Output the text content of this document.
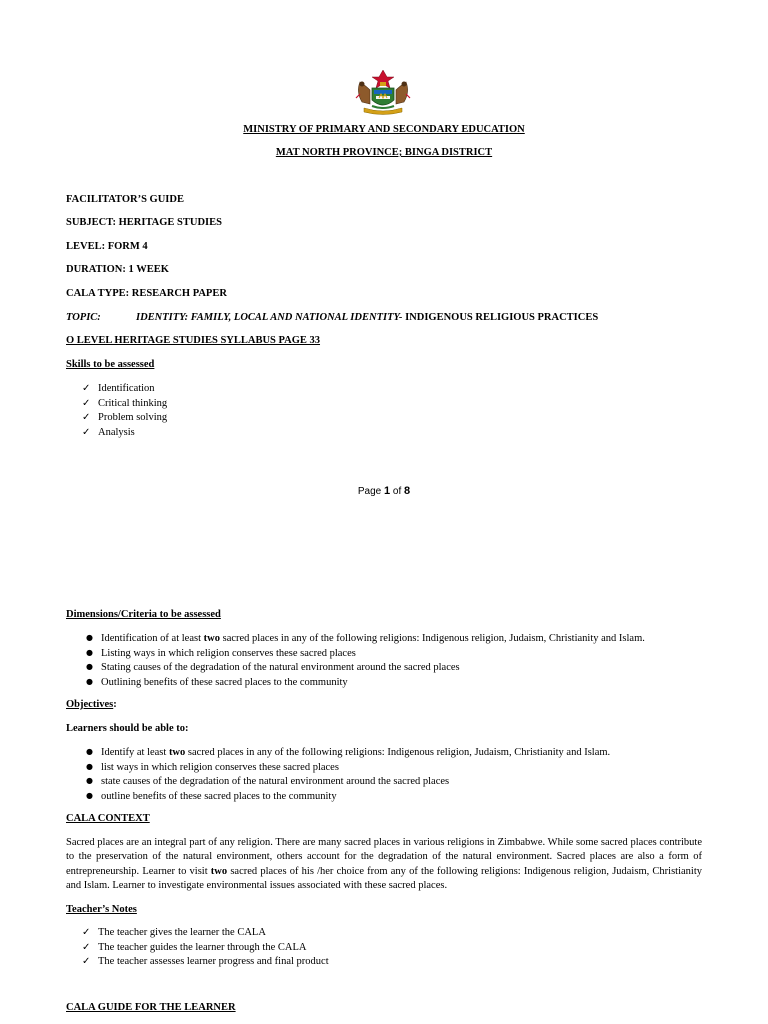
MINISTRY OF PRIMARY AND SECONDARY EDUCATION
MAT NORTH PROVINCE; BINGA DISTRICT
FACILITATOR’S GUIDE
SUBJECT: HERITAGE STUDIES
LEVEL: FORM 4
DURATION: 1 WEEK
CALA TYPE: RESEARCH PAPER
TOPIC:	IDENTITY: FAMILY, LOCAL AND NATIONAL IDENTITY- INDIGENOUS RELIGIOUS PRACTICES
O LEVEL HERITAGE STUDIES SYLLABUS PAGE 33
Skills to be assessed
✓ Identification
✓ Critical thinking
✓ Problem solving
✓ Analysis
Page 1 of 8
Dimensions/Criteria to be assessed
● Identification of at least two sacred places in any of the following religions: Indigenous religion, Judaism, Christianity and Islam.
● Listing ways in which religion conserves these sacred places
● Stating causes of the degradation of the natural environment around the sacred places
● Outlining benefits of these sacred places to the community
Objectives:
Learners should be able to:
● Identify at least two sacred places in any of the following religions: Indigenous religion, Judaism, Christianity and Islam.
● list ways in which religion conserves these sacred places
● state causes of the degradation of the natural environment around the sacred places
● outline benefits of these sacred places to the community
CALA CONTEXT

Sacred places are an integral part of any religion. There are many sacred places in various religions in Zimbabwe. While some sacred places contribute to the preservation of the natural environment, others account for the degradation of the natural environment. Sacred places are also a form of entrepreneurship. Learner to visit two sacred places of his /her choice from any of the following religions: Indigenous religion, Judaism, Christianity and Islam. Learner to investigate environmental issues associated with these sacred places.

Teacher’s Notes
✓ The teacher gives the learner the CALA
✓ The teacher guides the learner through the CALA
✓ The teacher assesses learner progress and final product
CALA GUIDE FOR THE LEARNER
